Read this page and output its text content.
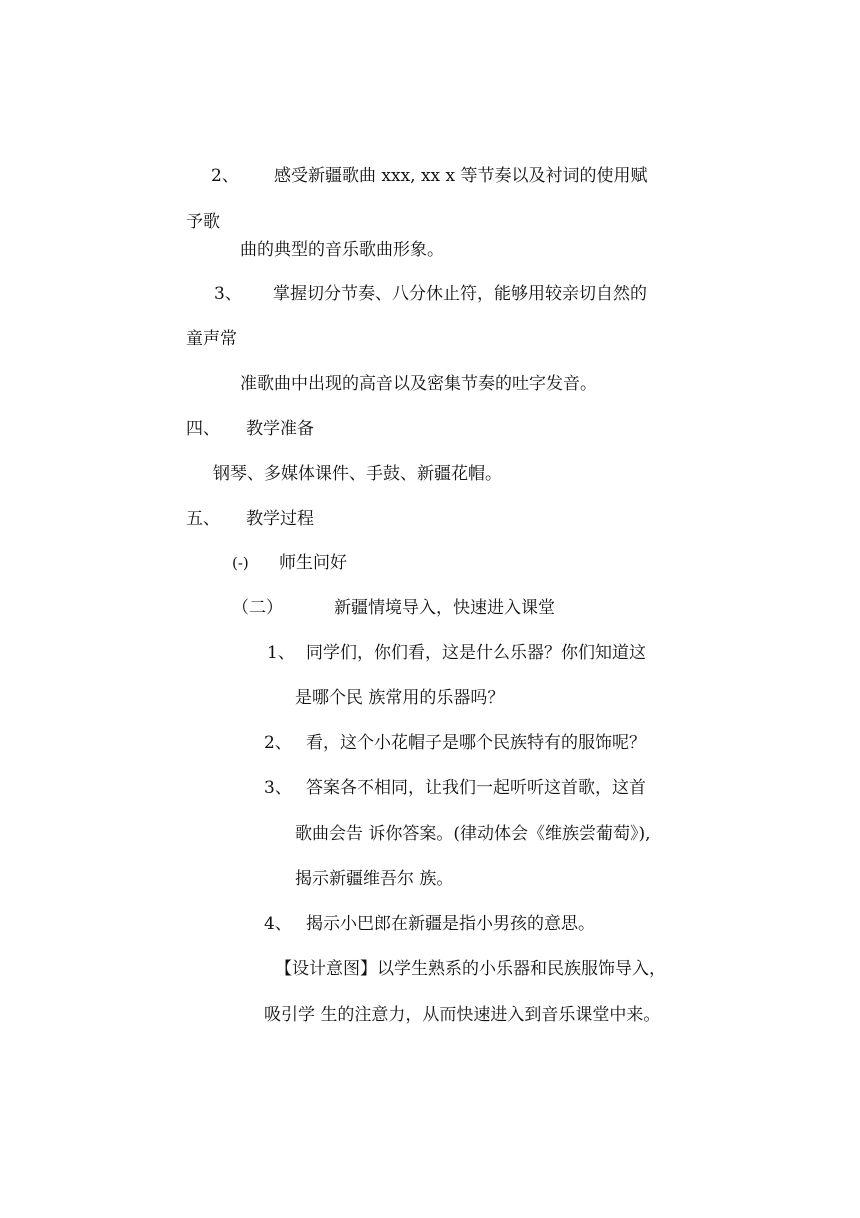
2、 感受新疆歌曲 xxx, xx x 等节奏以及衬词的使用赋
予歌
曲的典型的音乐歌曲形象。
3、 掌握切分节奏、八分休止符，能够用较亲切自然的
童声常
准歌曲中出现的高音以及密集节奏的吐字发音。
四、 教学准备
钢琴、多媒体课件、手鼓、新疆花帽。
五、 教学过程
(-) 师生问好
（二）	新疆情境导入，快速进入课堂
1、 同学们，你们看，这是什么乐器？你们知道这
是哪个民 族常用的乐器吗？
2、 看，这个小花帽子是哪个民族特有的服饰呢？
3、 答案各不相同，让我们一起听听这首歌，这首
歌曲会告 诉你答案。(律动体会《维族尝葡萄》),
揭示新疆维吾尔 族。
4、 揭示小巴郎在新疆是指小男孩的意思。
【设计意图】以学生熟系的小乐器和民族服饰导入，
吸引学 生的注意力，从而快速进入到音乐课堂中来。
